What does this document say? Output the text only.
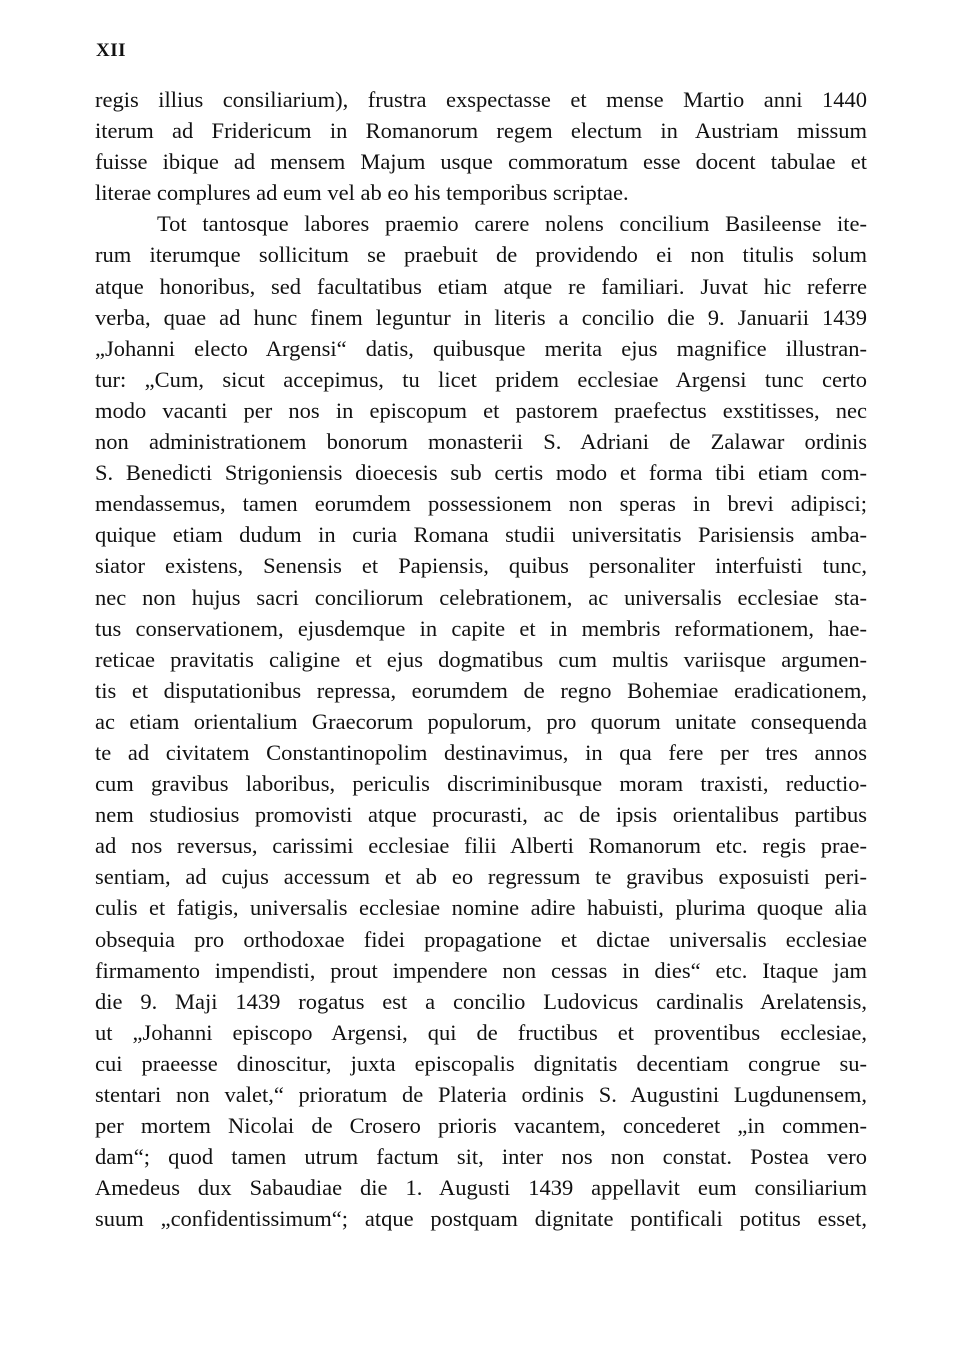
XII
regis illius consiliarium), frustra exspectasse et mense Martio anni 1440
iterum ad Fridericum in Romanorum regem electum in Austriam missum
fuisse ibique ad mensem Majum usque commoratum esse docent tabulae et
literae complures ad eum vel ab eo his temporibus scriptae.
Tot tantosque labores praemio carere nolens concilium Basileense ite-
rum iterumque sollicitum se praebuit de providendo ei non titulis solum
atque honoribus, sed facultatibus etiam atque re familiari. Juvat hic referre
verba, quae ad hunc finem leguntur in literis a concilio die 9. Januarii 1439
„Johanni electo Argensi“ datis, quibusque merita ejus magnifice illustran-
tur: „Cum, sicut accepimus, tu licet pridem ecclesiae Argensi tunc certo
modo vacanti per nos in episcopum et pastorem praefectus exstitisses, nec
non administrationem bonorum monasterii S. Adriani de Zalawar ordinis
S. Benedicti Strigoniensis dioecesis sub certis modo et forma tibi etiam com-
mendassemus, tamen eorumdem possessionem non speras in brevi adipisci;
quique etiam dudum in curia Romana studii universitatis Parisiensis amba-
siator existens, Senensis et Papiensis, quibus personaliter interfuisti tunc,
nec non hujus sacri conciliorum celebrationem, ac universalis ecclesiae sta-
tus conservationem, ejusdemque in capite et in membris reformationem, hae-
reticae pravitatis caligine et ejus dogmatibus cum multis variisque argumen-
tis et disputationibus repressa, eorumdem de regno Bohemiae eradicationem,
ac etiam orientalium Graecorum populorum, pro quorum unitate consequenda
te ad civitatem Constantinopolim destinavimus, in qua fere per tres annos
cum gravibus laboribus, periculis discriminibusque moram traxisti, reductio-
nem studiosius promovisti atque procurasti, ac de ipsis orientalibus partibus
ad nos reversus, carissimi ecclesiae filii Alberti Romanorum etc. regis prae-
sentiam, ad cujus accessum et ab eo regressum te gravibus exposuisti peri-
culis et fatigis, universalis ecclesiae nomine adire habuisti, plurima quoque alia
obsequia pro orthodoxae fidei propagatione et dictae universalis ecclesiae
firmamento impendisti, prout impendere non cessas in dies“ etc. Itaque jam
die 9. Maji 1439 rogatus est a concilio Ludovicus cardinalis Arelatensis,
ut „Johanni episcopo Argensi, qui de fructibus et proventibus ecclesiae,
cui praeesse dinoscitur, juxta episcopalis dignitatis decentiam congrue su-
stentari non valet,“ prioratum de Plateria ordinis S. Augustini Lugdunensem,
per mortem Nicolai de Crosero prioris vacantem, concederet „in commen-
dam“; quod tamen utrum factum sit, inter nos non constat. Postea vero
Amedeus dux Sabaudiae die 1. Augusti 1439 appellavit eum consiliarium
suum „confidentissimum“; atque postquam dignitate pontificali potitus esset,
